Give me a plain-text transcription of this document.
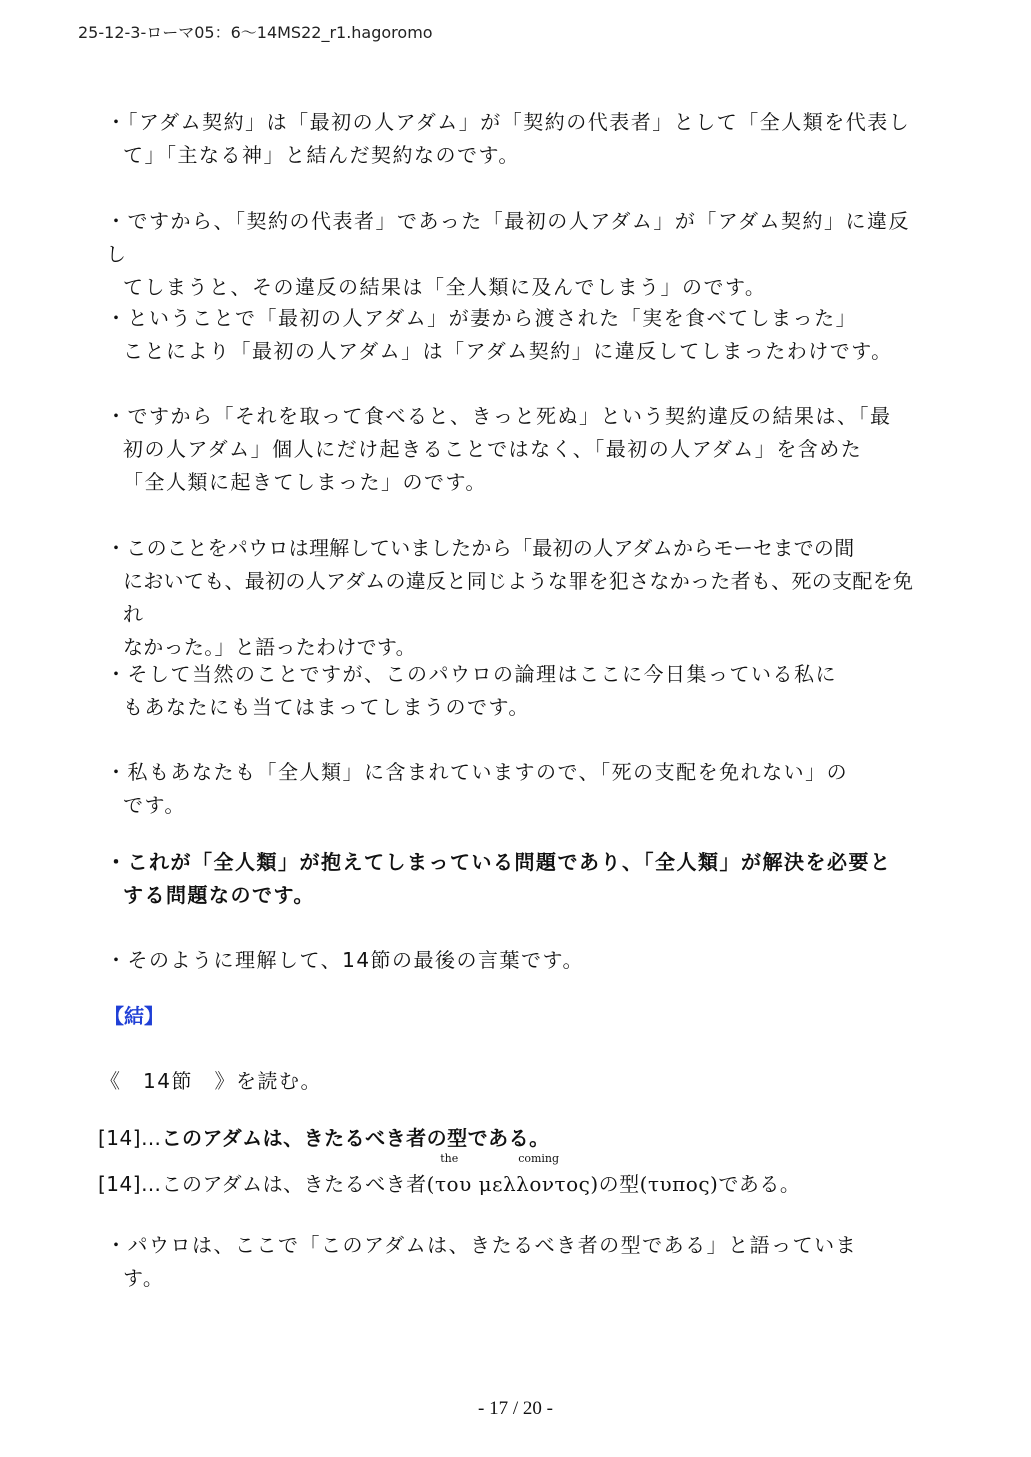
25-12-3-ローマ05：6〜14MS22_r1.hagoromo
・「アダム契約」は「最初の人アダム」が「契約の代表者」として「全人類を代表し
て」「主なる神」と結んだ契約なのです。
・ですから、「契約の代表者」であった「最初の人アダム」が「アダム契約」に違反し
てしまうと、その違反の結果は「全人類に及んでしまう」のです。
・ということで「最初の人アダム」が妻から渡された「実を食べてしまった」
ことにより「最初の人アダム」は「アダム契約」に違反してしまったわけです。
・ですから「それを取って食べると、きっと死ぬ」という契約違反の結果は、「最
初の人アダム」個人にだけ起きることではなく、「最初の人アダム」を含めた
「全人類に起きてしまった」のです。
・このことをパウロは理解していましたから「最初の人アダムからモーセまでの間
においても、最初の人アダムの違反と同じような罪を犯さなかった者も、死の支配を免れ
なかった。」と語ったわけです。
・そして当然のことですが、このパウロの論理はここに今日集っている私に
もあなたにも当てはまってしまうのです。
・私もあなたも「全人類」に含まれていますので、「死の支配を免れない」の
です。
・これが「全人類」が抱えてしまっている問題であり、「全人類」が解決を必要と
する問題なのです。
・そのように理解して、14節の最後の言葉です。
【結】
《　14節　》を読む。
[14]…このアダムは、きたるべき者の型である。
[14]…このアダムは、きたるべき者
the
(του
coming
μελλοντος)の型(τυπος)である。
・パウロは、ここで「このアダムは、きたるべき者の型である」と語っていま
す。
- 17 / 20 -
